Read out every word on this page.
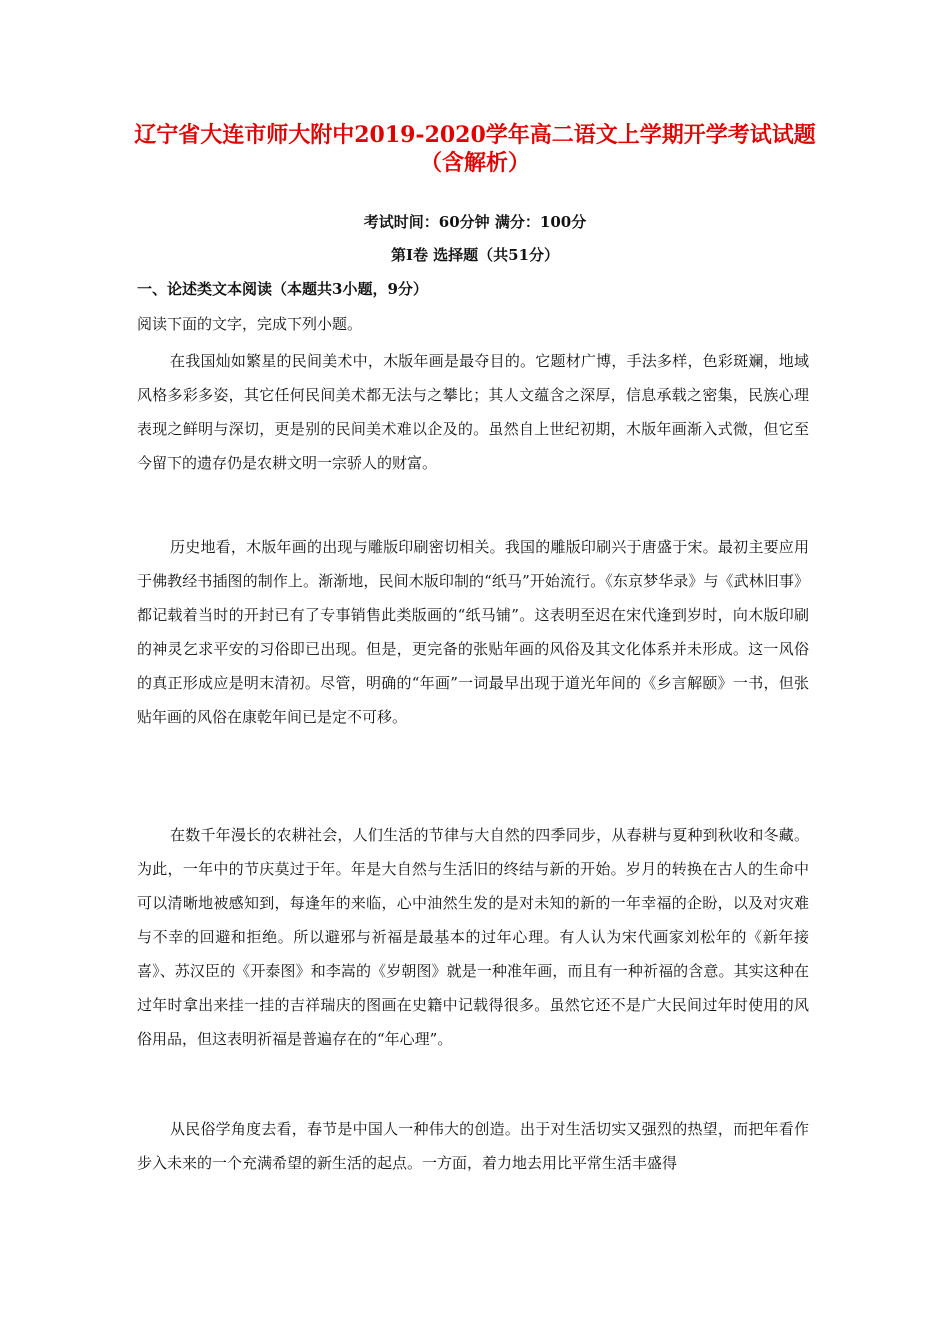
辽宁省大连市师大附中2019-2020学年高二语文上学期开学考试试题
（含解析）
考试时间：60分钟 满分：100分
第Ⅰ卷 选择题（共51分）
一、论述类文本阅读（本题共3小题，9分）
阅读下面的文字，完成下列小题。

在我国灿如繁星的民间美术中，木版年画是最夺目的。它题材广博，手法多样，色彩斑斓，地域风格多彩多姿，其它任何民间美术都无法与之攀比；其人文蕴含之深厚，信息承载之密集，民族心理表现之鲜明与深切，更是别的民间美术难以企及的。虽然自上世纪初期，木版年画渐入式微，但它至今留下的遗存仍是农耕文明一宗骄人的财富。

历史地看，木版年画的出现与雕版印刷密切相关。我国的雕版印刷兴于唐盛于宋。最初主要应用于佛教经书插图的制作上。渐渐地，民间木版印制的“纸马”开始流行。《东京梦华录》与《武林旧事》都记载着当时的开封已有了专事销售此类版画的“纸马铺”。这表明至迟在宋代逢到岁时，向木版印刷的神灵乞求平安的习俗即已出现。但是，更完备的张贴年画的风俗及其文化体系并未形成。这一风俗的真正形成应是明末清初。尽管，明确的“年画”一词最早出现于道光年间的《乡言解颐》一书，但张贴年画的风俗在康乾年间已是定不可移。

在数千年漫长的农耕社会，人们生活的节律与大自然的四季同步，从春耕与夏种到秋收和冬藏。为此，一年中的节庆莫过于年。年是大自然与生活旧的终结与新的开始。岁月的转换在古人的生命中可以清晰地被感知到，每逢年的来临，心中油然生发的是对未知的新的一年幸福的企盼，以及对灾难与不幸的回避和拒绝。所以避邪与祈福是最基本的过年心理。有人认为宋代画家刘松年的《新年接喜》、苏汉臣的《开泰图》和李嵩的《岁朝图》就是一种准年画，而且有一种祈福的含意。其实这种在过年时拿出来挂一挂的吉祥瑞庆的图画在史籍中记载得很多。虽然它还不是广大民间过年时使用的风俗用品，但这表明祈福是普遍存在的“年心理”。

从民俗学角度去看，春节是中国人一种伟大的创造。出于对生活切实又强烈的热望，而把年看作步入未来的一个充满希望的新生活的起点。一方面，着力地去用比平常生活丰盛得
